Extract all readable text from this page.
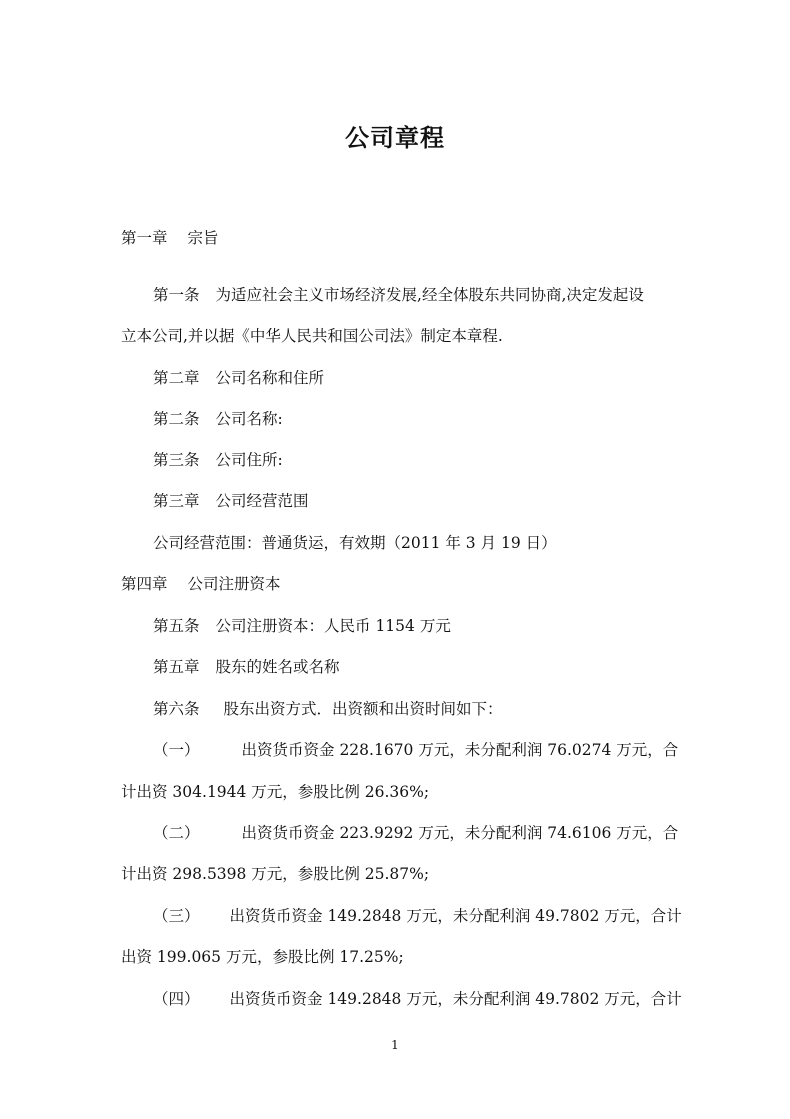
公司章程
第一章 宗旨
第一条 为适应社会主义市场经济发展,经全体股东共同协商,决定发起设
立本公司,并以据《中华人民共和国公司法》制定本章程.
第二章 公司名称和住所
第二条 公司名称:
第三条 公司住所:
第三章 公司经营范围
公司经营范围：普通货运，有效期（2011 年 3 月 19 日）
第四章 公司注册资本
第五条 公司注册资本：人民币 1154 万元
第五章 股东的姓名或名称
第六条 股东出资方式．出资额和出资时间如下：
（一）	出资货币资金 228.1670 万元，未分配利润 76.0274 万元，合
计出资 304.1944 万元，参股比例 26.36%;
（二）	出资货币资金 223.9292 万元，未分配利润 74.6106 万元，合
计出资 298.5398 万元，参股比例 25.87%;
（三） 出资货币资金 149.2848 万元，未分配利润 49.7802 万元，合计
出资 199.065 万元，参股比例 17.25%;
（四） 出资货币资金 149.2848 万元，未分配利润 49.7802 万元，合计
1
